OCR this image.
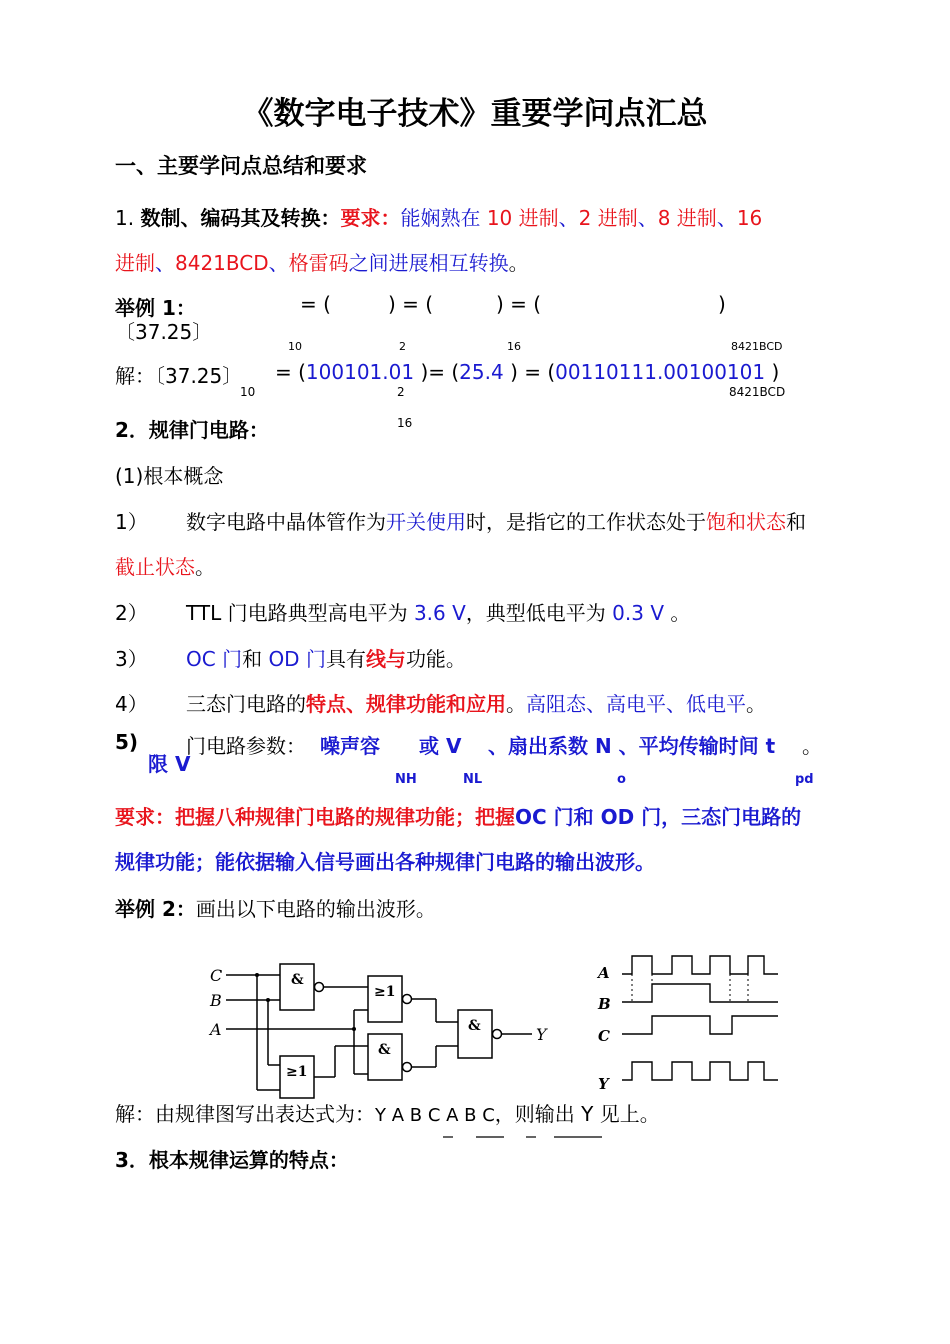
《数字电子技术》重要学问点汇总
一、主要学问点总结和要求
1. 数制、编码其及转换：要求：能娴熟在 10 进制、2 进制、8 进制、16
进制、8421BCD、格雷码之间进展相互转换。
举例 1：	= (	) = (	) = (	)
〔37.25〕
10	2	16	8421BCD
解：〔37.25〕 = (100101.01 )= (25.4 ) = (00110111.00100101 )
10	2	8421BCD
16
2．规律门电路：
(1)根本概念
1） 数字电路中晶体管作为开关使用时，是指它的工作状态处于饱和状态和
截止状态。
2） TTL 门电路典型高电平为 3.6 V，典型低电平为 0.3 V 。
3） OC 门和 OD 门具有线与功能。
4） 三态门电路的特点、规律功能和应用。高阻态、高电平、低电平。
5) 门电路参数： 噪声容 或 V 、扇出系数 N 、平均传输时间 t 。
限 V
NH	NL	o	pd
要求：把握八种规律门电路的规律功能；把握OC 门和 OD 门，三态门电路的
规律功能；能依据输入信号画出各种规律门电路的输出波形。
举例 2：画出以下电路的输出波形。
C
B
A	Y
&
≥1
&
≥1
&
A
B
C
Y
解：由规律图写出表达式为：Y A B C A B C，则输出 Y 见上。
3．根本规律运算的特点：
